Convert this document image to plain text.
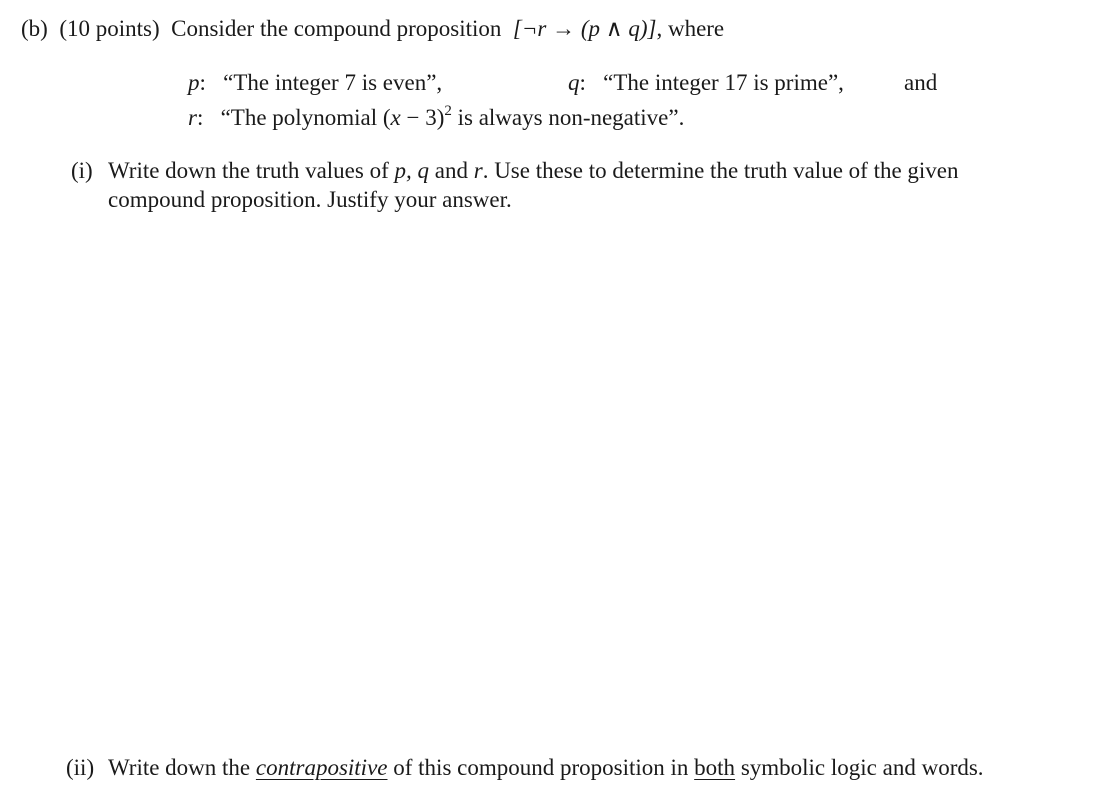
(b) (10 points) Consider the compound proposition [¬r → (p ∧ q)], where
p: “The integer 7 is even”,	q: “The integer 17 is prime”,	and
r: “The polynomial $(x - 3)^2$ is always non-negative”.
(i) Write down the truth values of p, q and r. Use these to determine the truth value of the given
compound proposition. Justify your answer.
(ii) Write down the contrapositive of this compound proposition in both symbolic logic and words.
